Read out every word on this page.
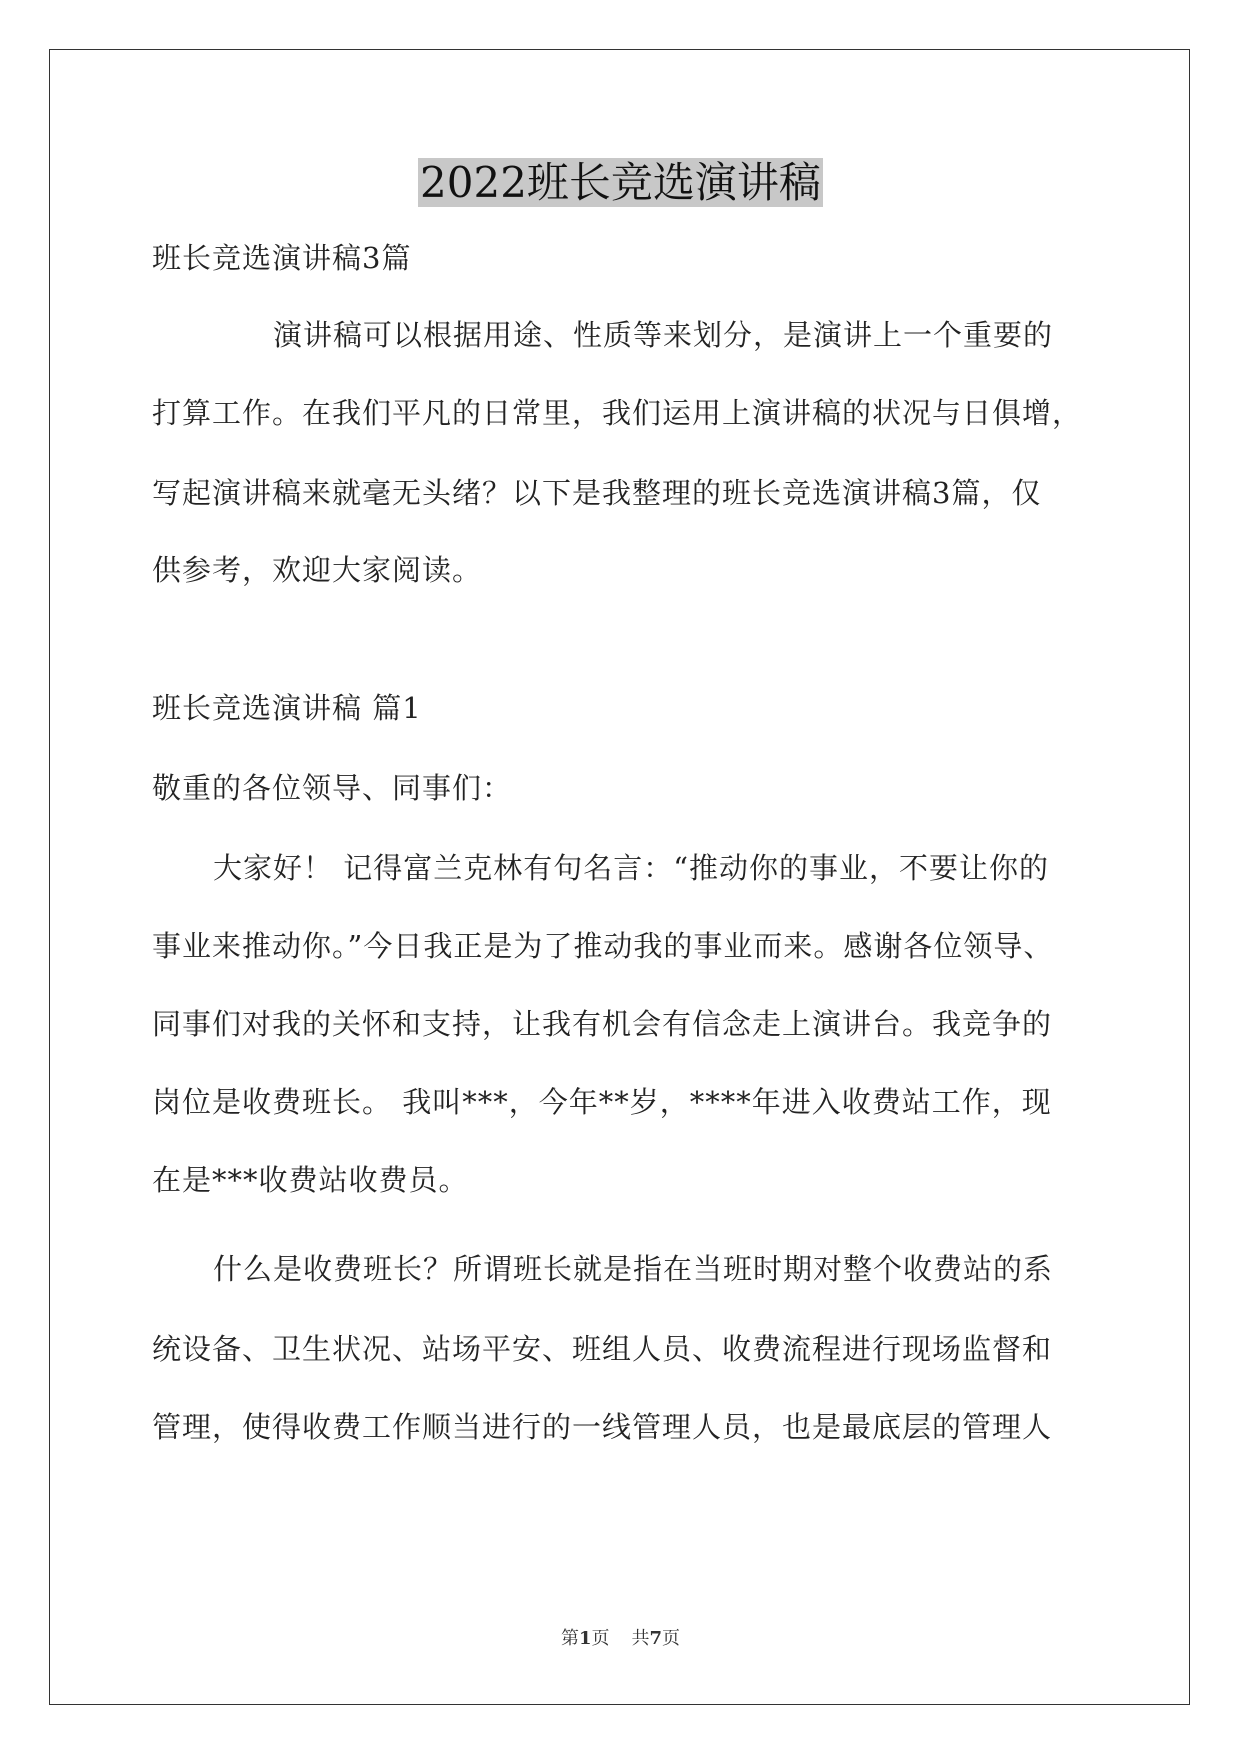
2022班长竞选演讲稿
班长竞选演讲稿3篇
演讲稿可以根据用途、性质等来划分，是演讲上一个重要的
打算工作。在我们平凡的日常里，我们运用上演讲稿的状况与日俱增，
写起演讲稿来就毫无头绪？以下是我整理的班长竞选演讲稿3篇，仅
供参考，欢迎大家阅读。
班长竞选演讲稿 篇1
敬重的各位领导、同事们：
大家好！ 记得富兰克林有句名言：“推动你的事业，不要让你的
事业来推动你。”今日我正是为了推动我的事业而来。感谢各位领导、
同事们对我的关怀和支持，让我有机会有信念走上演讲台。我竞争的
岗位是收费班长。 我叫***，今年**岁，****年进入收费站工作，现
在是***收费站收费员。
什么是收费班长？所谓班长就是指在当班时期对整个收费站的系
统设备、卫生状况、站场平安、班组人员、收费流程进行现场监督和
管理，使得收费工作顺当进行的一线管理人员，也是最底层的管理人
第1页 共7页
